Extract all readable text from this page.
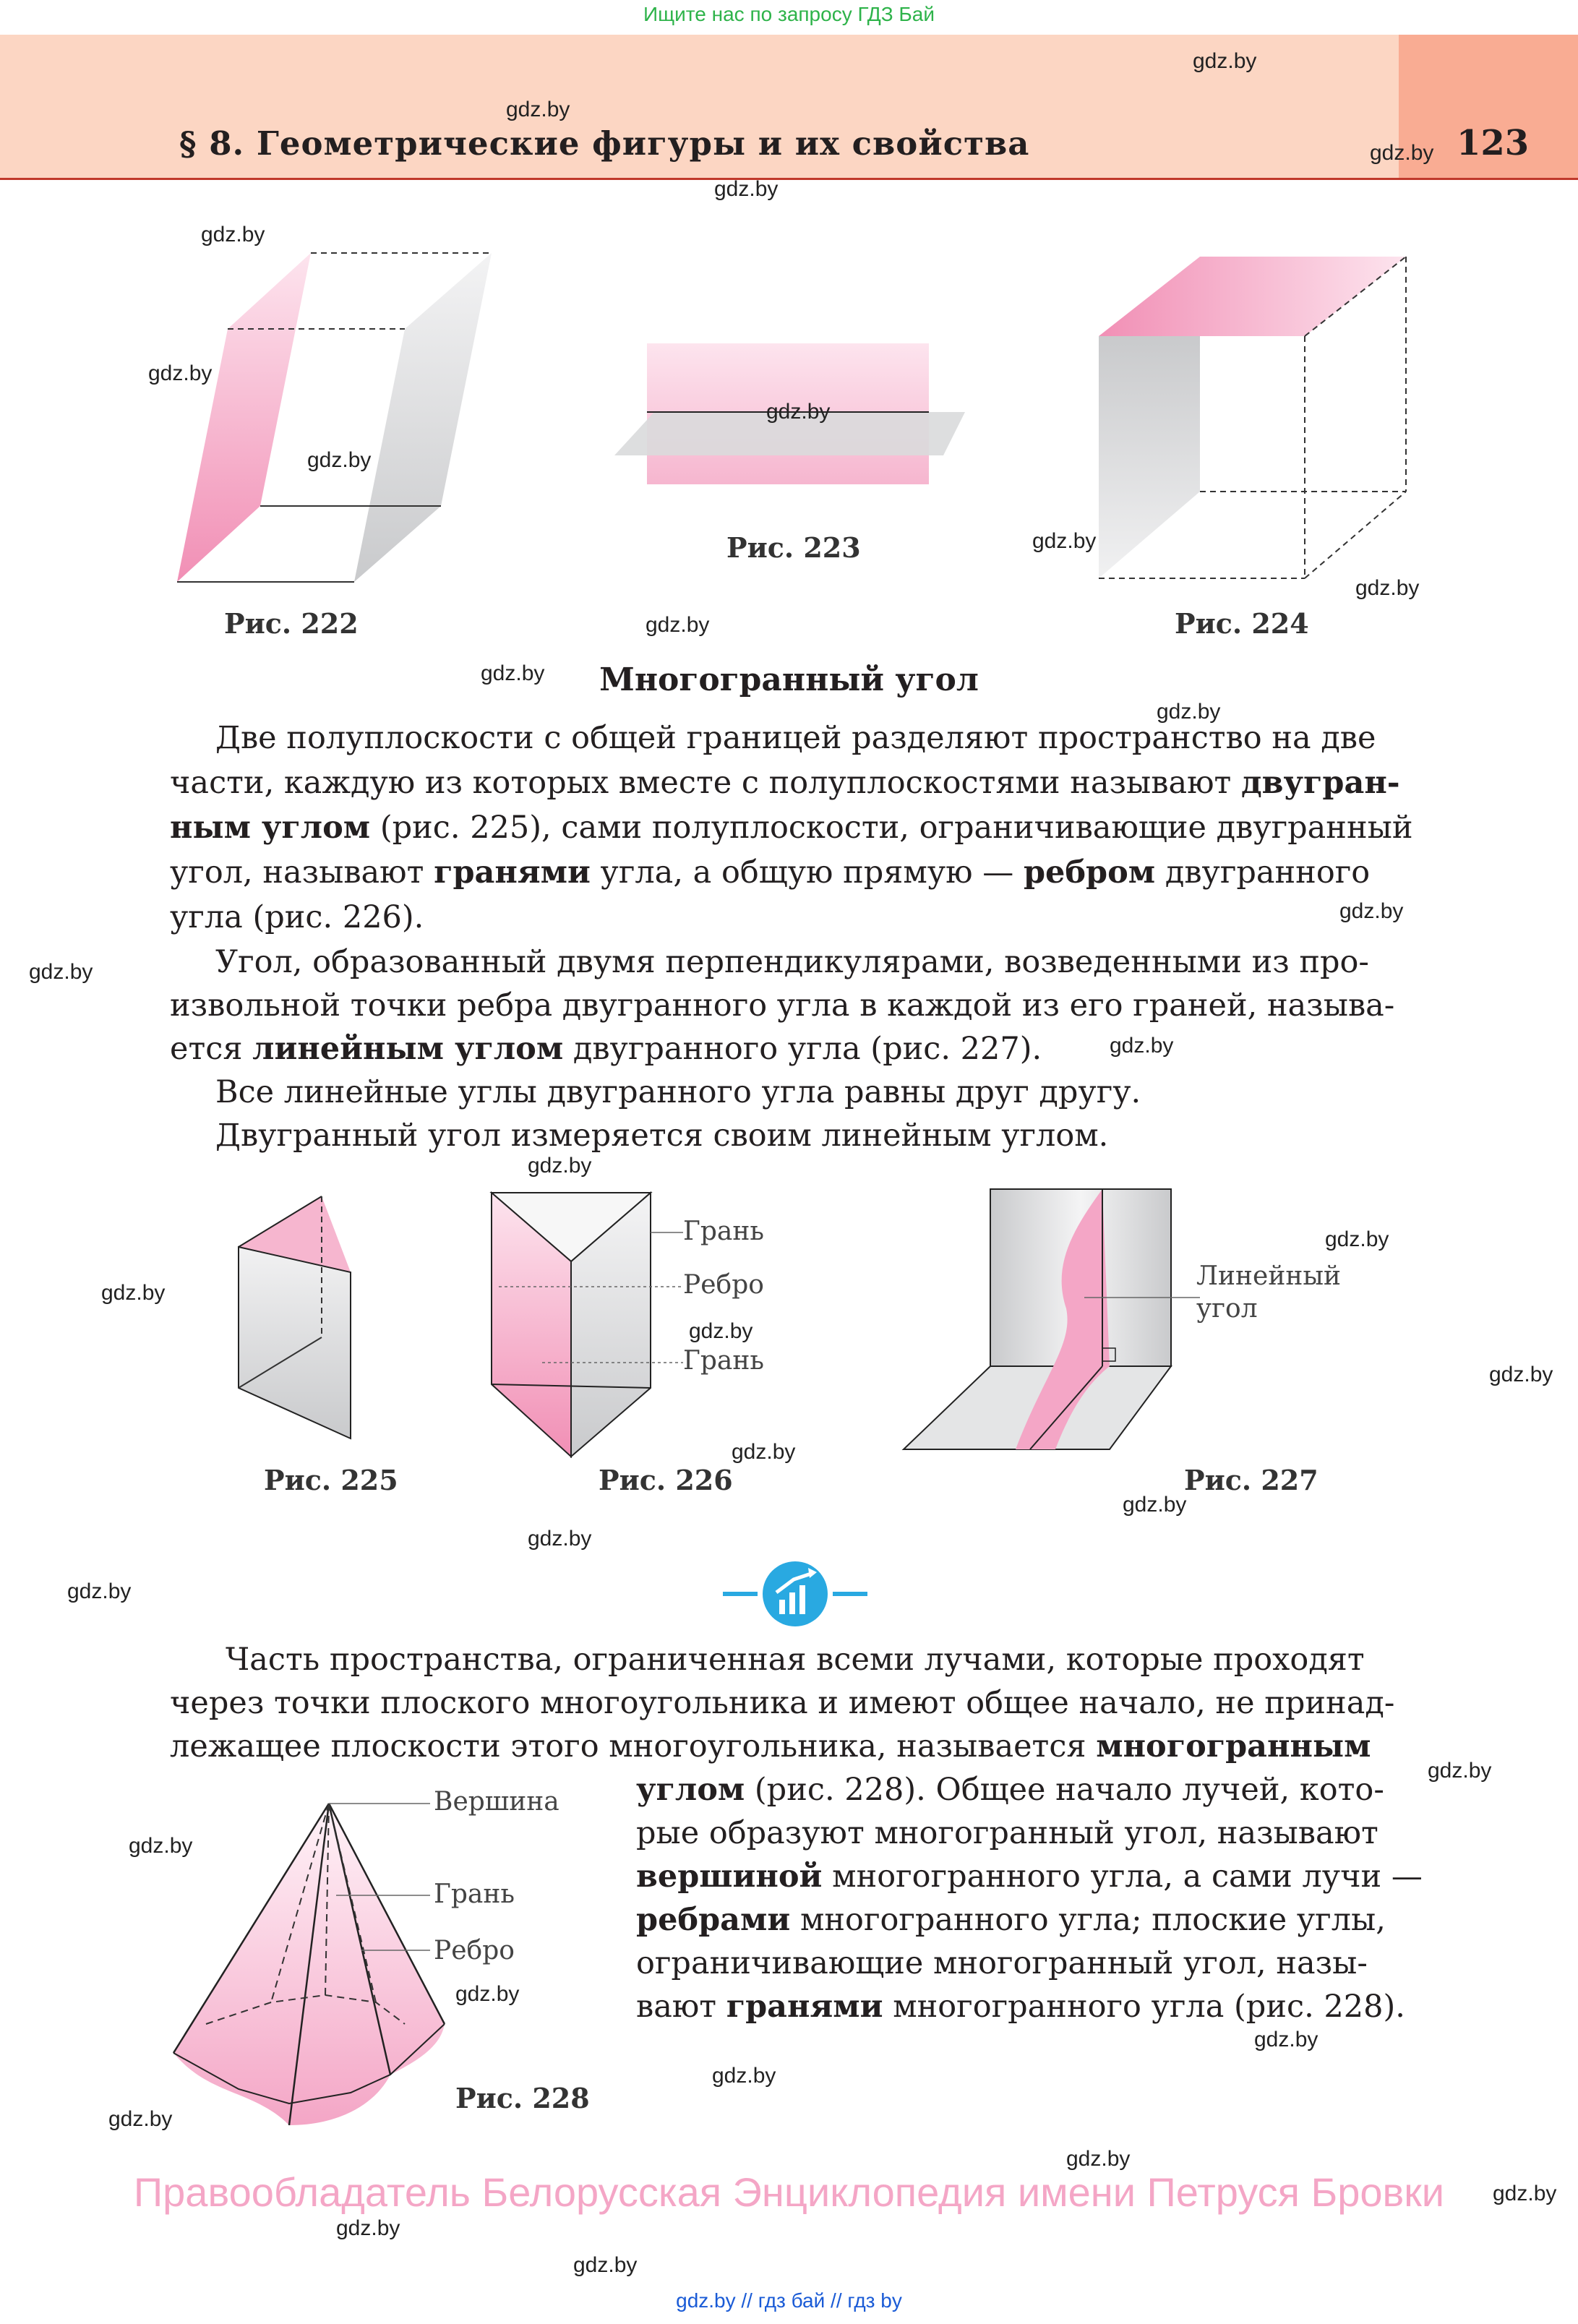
Ищите нас по запросу ГДЗ Бай
§ 8. Геометрические фигуры и их свойства	123
Рис. 222
Рис. 223
Рис. 224
Многогранный угол
Две полуплоскости с общей границей разделяют пространство на две
части, каждую из которых вместе с полуплоскостями называют двугран-
ным углом (рис. 225), сами полуплоскости, ограничивающие двугранный
угол, называют гранями угла, а общую прямую — ребром двугранного
угла (рис. 226).
Угол, образованный двумя перпендикулярами, возведенными из про-
извольной точки ребра двугранного угла в каждой из его граней, называ-
ется линейным углом двугранного угла (рис. 227).
Все линейные углы двугранного угла равны друг другу.
Двугранный угол измеряется своим линейным углом.
Рис. 225
Грань
Ребро
Грань
Рис. 226
Линейный
угол
Рис. 227
Часть пространства, ограниченная всеми лучами, которые проходят
через точки плоского многоугольника и имеют общее начало, не принад-
лежащее плоскости этого многоугольника, называется многогранным
углом (рис. 228). Общее начало лучей, кото-
рые образуют многогранный угол, называют
вершиной многогранного угла, а сами лучи —
ребрами многогранного угла; плоские углы,
ограничивающие многогранный угол, назы-
вают гранями многогранного угла (рис. 228).
Вершина
Грань
Ребро
Рис. 228
gdz.by
gdz.by
gdz.by
gdz.by
gdz.by
gdz.by
gdz.by
gdz.by
gdz.by
gdz.by
gdz.by
gdz.by
gdz.by
gdz.by
gdz.by
gdz.by
gdz.by
gdz.by
gdz.by
gdz.by
gdz.by
gdz.by
gdz.by
gdz.by
gdz.by
gdz.by
gdz.by
gdz.by
gdz.by
gdz.by
gdz.by
gdz.by
gdz.by
gdz.by
gdz.by
Правообладатель Белорусская Энциклопедия имени Петруся Бровки
gdz.by // гдз бай // гдз by
